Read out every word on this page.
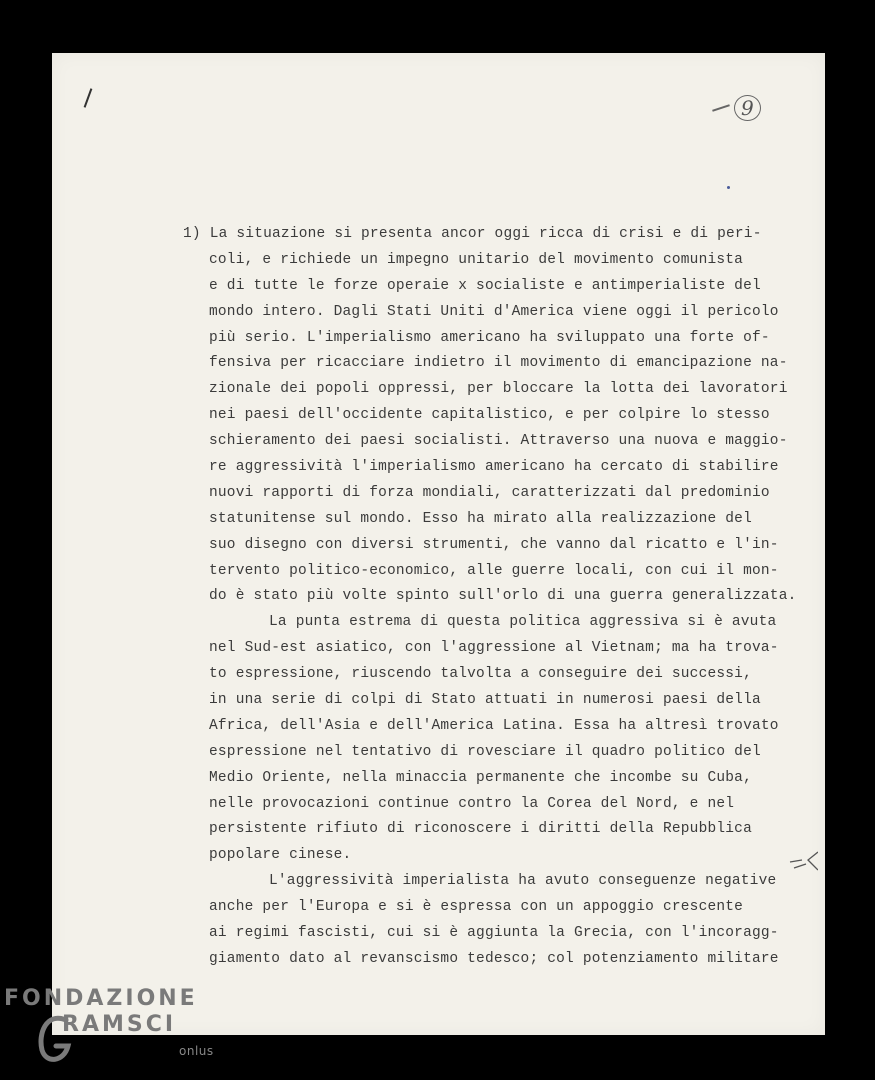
9
1) La situazione si presenta ancor oggi ricca di crisi e di peri-
coli, e richiede un impegno unitario del movimento comunista
e di tutte le forze operaie x socialiste e antimperialiste del
mondo intero. Dagli Stati Uniti d'America viene oggi il pericolo
più serio. L'imperialismo americano ha sviluppato una forte of-
fensiva per ricacciare indietro il movimento di emancipazione na-
zionale dei popoli oppressi, per bloccare la lotta dei lavoratori
nei paesi dell'occidente capitalistico, e per colpire lo stesso
schieramento dei paesi socialisti. Attraverso una nuova e maggio-
re aggressività l'imperialismo americano ha cercato di stabilire
nuovi rapporti di forza mondiali, caratterizzati dal predominio
statunitense sul mondo. Esso ha mirato alla realizzazione del
suo disegno con diversi strumenti, che vanno dal ricatto e l'in-
tervento politico-economico, alle guerre locali, con cui il mon-
do è stato più volte spinto sull'orlo di una guerra generalizzata.
La punta estrema di questa politica aggressiva si è avuta
nel Sud-est asiatico, con l'aggressione al Vietnam; ma ha trova-
to espressione, riuscendo talvolta a conseguire dei successi,
in una serie di colpi di Stato attuati in numerosi paesi della
Africa, dell'Asia e dell'America Latina. Essa ha altresì trovato
espressione nel tentativo di rovesciare il quadro politico del
Medio Oriente, nella minaccia permanente che incombe su Cuba,
nelle provocazioni continue contro la Corea del Nord, e nel
persistente rifiuto di riconoscere i diritti della Repubblica
popolare cinese.
L'aggressività imperialista ha avuto conseguenze negative
anche per l'Europa e si è espressa con un appoggio crescente
ai regimi fascisti, cui si è aggiunta la Grecia, con l'incoragg-
giamento dato al revanscismo tedesco; col potenziamento militare
FONDAZIONE
RAMSCI
onlus
